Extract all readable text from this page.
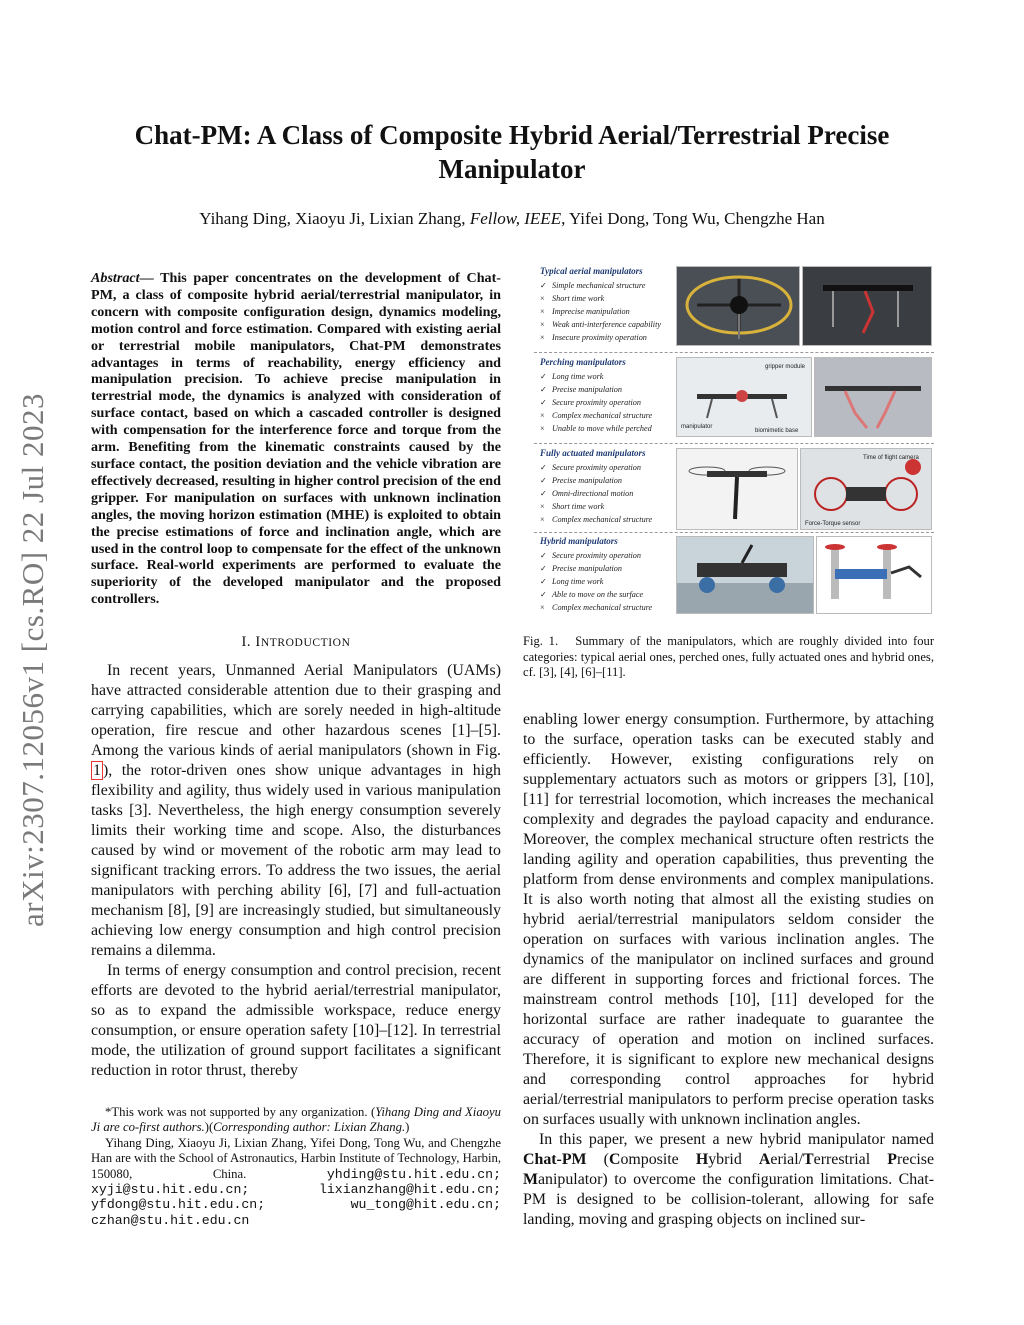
arXiv:2307.12056v1 [cs.RO] 22 Jul 2023
Chat-PM: A Class of Composite Hybrid Aerial/Terrestrial Precise
Manipulator
Yihang Ding, Xiaoyu Ji, Lixian Zhang, Fellow, IEEE, Yifei Dong, Tong Wu, Chengzhe Han

Abstract— This paper concentrates on the development of Chat-PM, a class of composite hybrid aerial/terrestrial manipulator, in concern with composite configuration design, dynamics modeling, motion control and force estimation. Compared with existing aerial or terrestrial mobile manipulators, Chat-PM demonstrates advantages in terms of reachability, energy efficiency and manipulation precision. To achieve precise manipulation in terrestrial mode, the dynamics is analyzed with consideration of surface contact, based on which a cascaded controller is designed with compensation for the interference force and torque from the arm. Benefiting from the kinematic constraints caused by the surface contact, the position deviation and the vehicle vibration are effectively decreased, resulting in higher control precision of the end gripper. For manipulation on surfaces with unknown inclination angles, the moving horizon estimation (MHE) is exploited to obtain the precise estimations of force and inclination angle, which are used in the control loop to compensate for the effect of the unknown surface. Real-world experiments are performed to evaluate the superiority of the developed manipulator and the proposed controllers.

I. INTRODUCTION

In recent years, Unmanned Aerial Manipulators (UAMs) have attracted considerable attention due to their grasping and carrying capabilities, which are sorely needed in high-altitude operation, fire rescue and other hazardous scenes [1]–[5]. Among the various kinds of aerial manipulators (shown in Fig. 1 ), the rotor-driven ones show unique advantages in high flexibility and agility, thus widely used in various manipulation tasks [3]. Nevertheless, the high energy consumption severely limits their working time and scope. Also, the disturbances caused by wind or movement of the robotic arm may lead to significant tracking errors. To address the two issues, the aerial manipulators with perching ability [6], [7] and full-actuation mechanism [8], [9] are increasingly studied, but simultaneously achieving low energy consumption and high control precision remains a dilemma.

In terms of energy consumption and control precision, recent efforts are devoted to the hybrid aerial/terrestrial manipulator, so as to expand the admissible workspace, reduce energy consumption, or ensure operation safety [10]–[12]. In terrestrial mode, the utilization of ground support facilitates a significant reduction in rotor thrust, thereby

*This work was not supported by any organization. (Yihang Ding and Xiaoyu Ji are co-first authors.)(Corresponding author: Lixian Zhang.)

Yihang Ding, Xiaoyu Ji, Lixian Zhang, Yifei Dong, Tong Wu, and Chengzhe Han are with the School of Astronautics, Harbin Institute of Technology, Harbin, 150080, China. yhding@stu.hit.edu.cn; xyji@stu.hit.edu.cn; lixianzhang@hit.edu.cn; yfdong@stu.hit.edu.cn; wu_tong@hit.edu.cn; czhan@stu.hit.edu.cn

Typical aerial manipulators
✓ Simple mechanical structure
× Short time work
× Imprecise manipulation
× Weak anti-interference capability
× Insecure proximity operation
Perching manipulators
✓ Long time work
✓ Precise manipulation
✓ Secure proximity operation
× Complex mechanical structure
× Unable to move while perched	manipulator
gripper module
biomimetic base
Fully actuated manipulators
✓ Secure proximity operation
✓ Precise manipulation
✓ Omni-directional motion
× Short time work
× Complex mechanical structure
Time of flight camera
Force-Torque sensor
Hybrid manipulators
✓ Secure proximity operation
✓ Precise manipulation
✓ Long time work
✓ Able to move on the surface
× Complex mechanical structure
Fig. 1. Summary of the manipulators, which are roughly divided into four categories: typical aerial ones, perched ones, fully actuated ones and hybrid ones, cf. [3], [4], [6]–[11].

enabling lower energy consumption. Furthermore, by attaching to the surface, operation tasks can be executed stably and efficiently. However, existing configurations rely on supplementary actuators such as motors or grippers [3], [10], [11] for terrestrial locomotion, which increases the mechanical complexity and degrades the payload capacity and endurance. Moreover, the complex mechanical structure often restricts the landing agility and operation capabilities, thus preventing the platform from dense environments and complex manipulations. It is also worth noting that almost all the existing studies on hybrid aerial/terrestrial manipulators seldom consider the operation on surfaces with various inclination angles. The dynamics of the manipulator on inclined surfaces and ground are different in supporting forces and frictional forces. The mainstream control methods [10], [11] developed for the horizontal surface are rather inadequate to guarantee the accuracy of operation and motion on inclined surfaces. Therefore, it is significant to explore new mechanical designs and corresponding control approaches for hybrid aerial/terrestrial manipulators to perform precise operation tasks on surfaces usually with unknown inclination angles.

In this paper, we present a new hybrid manipulator named Chat-PM (Composite Hybrid Aerial/Terrestrial Precise Manipulator) to overcome the configuration limitations. Chat-PM is designed to be collision-tolerant, allowing for safe landing, moving and grasping objects on inclined sur-
